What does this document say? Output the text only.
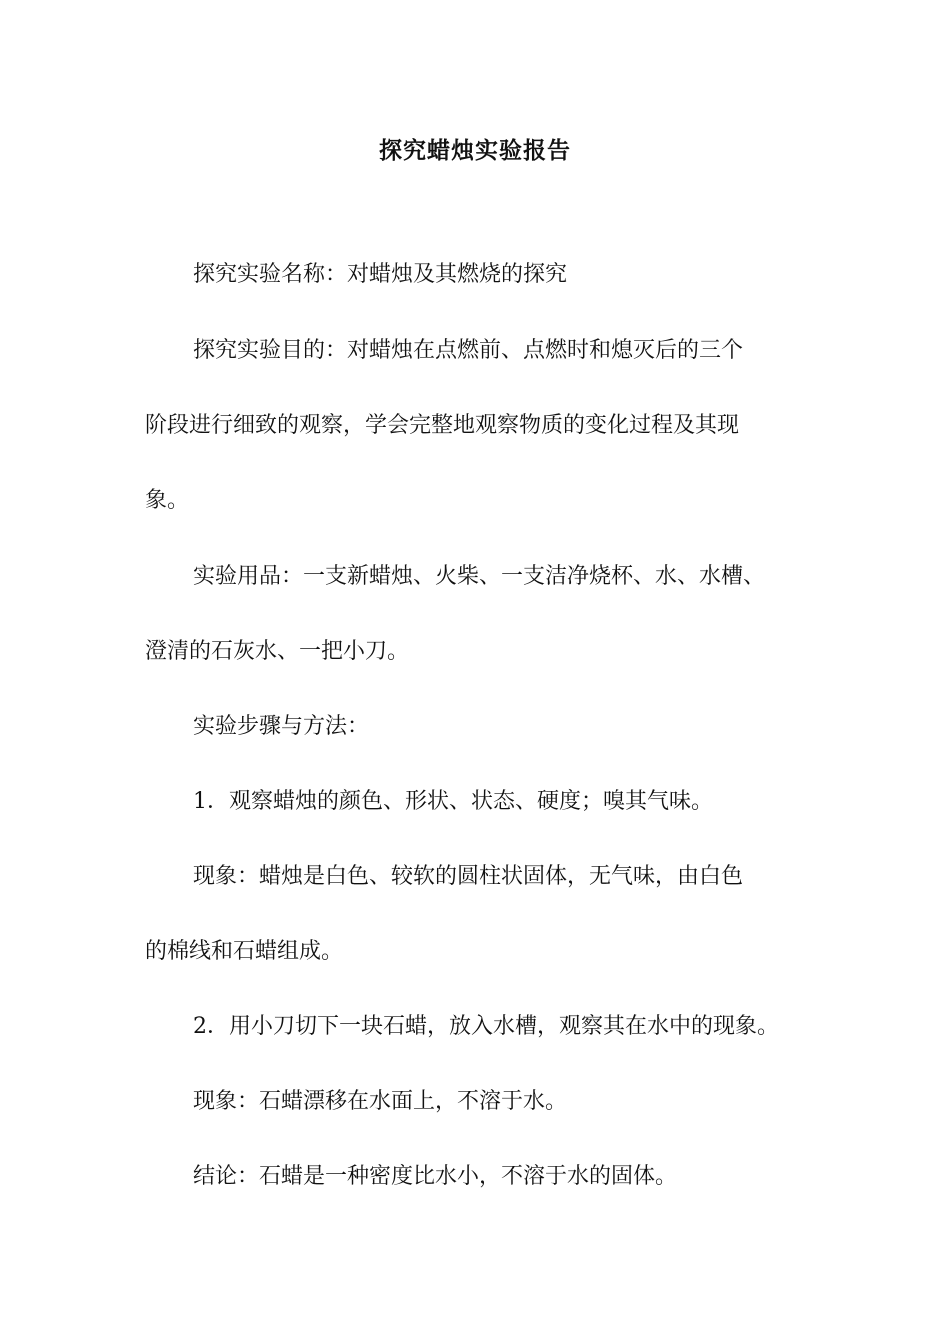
探究蜡烛实验报告
探究实验名称：对蜡烛及其燃烧的探究
探究实验目的：对蜡烛在点燃前、点燃时和熄灭后的三个
阶段进行细致的观察，学会完整地观察物质的变化过程及其现
象。
实验用品：一支新蜡烛、火柴、一支洁净烧杯、水、水槽、
澄清的石灰水、一把小刀。
实验步骤与方法：
1．观察蜡烛的颜色、形状、状态、硬度；嗅其气味。
现象：蜡烛是白色、较软的圆柱状固体，无气味，由白色
的棉线和石蜡组成。
2．用小刀切下一块石蜡，放入水槽，观察其在水中的现象。
现象：石蜡漂移在水面上，不溶于水。
结论：石蜡是一种密度比水小，不溶于水的固体。
